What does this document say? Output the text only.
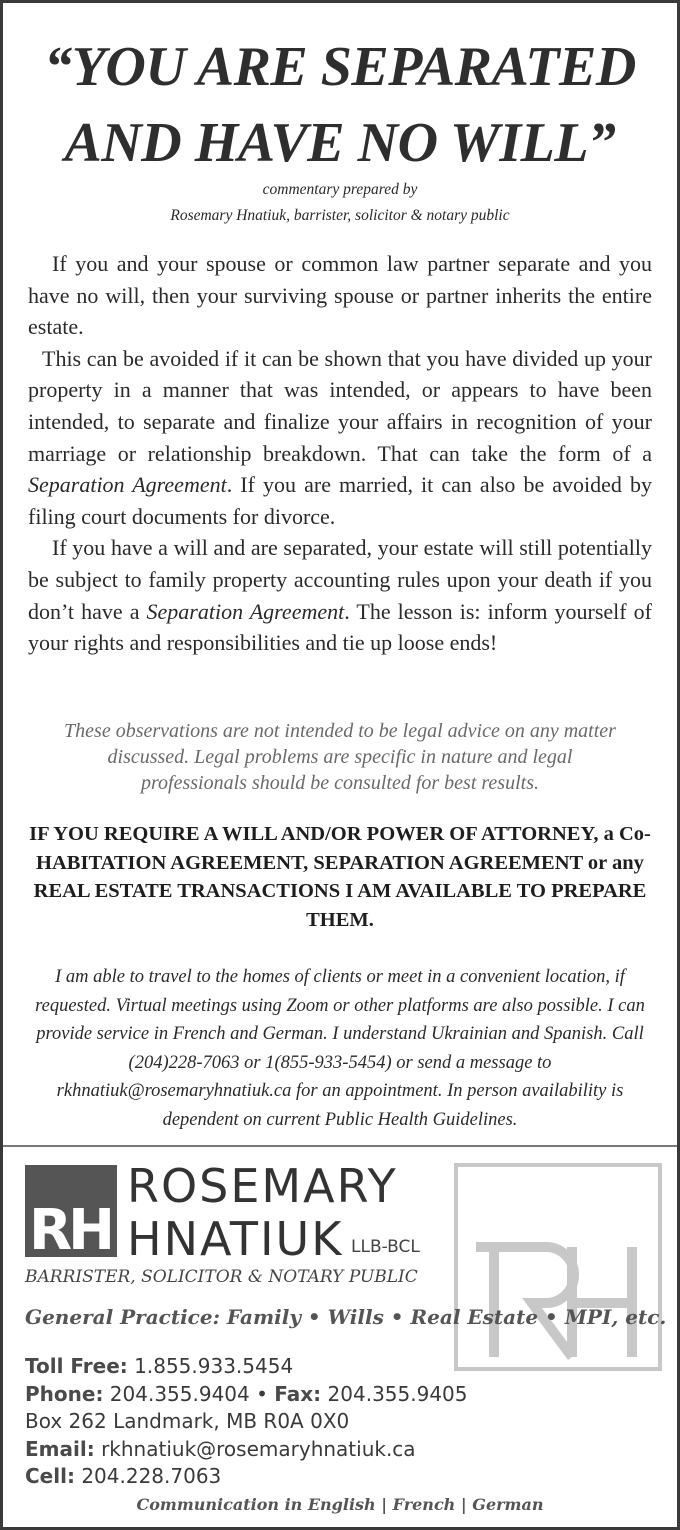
“YOU ARE SEPARATED
AND HAVE NO WILL”
commentary prepared by
Rosemary Hnatiuk, barrister, solicitor & notary public

If you and your spouse or common law partner separate and you have no will, then your surviving spouse or partner inherits the entire estate.

This can be avoided if it can be shown that you have divided up your property in a manner that was intended, or appears to have been intended, to separate and finalize your affairs in recognition of your marriage or relationship breakdown. That can take the form of a Separation Agreement. If you are married, it can also be avoided by filing court documents for divorce.

If you have a will and are separated, your estate will still potentially be subject to family property accounting rules upon your death if you don’t have a Separation Agreement. The lesson is: inform yourself of your rights and responsibilities and tie up loose ends!

These observations are not intended to be legal advice on any matter discussed. Legal problems are specific in nature and legal professionals should be consulted for best results.
IF YOU REQUIRE A WILL AND/OR POWER OF ATTORNEY, a Co-HABITATION AGREEMENT, SEPARATION AGREEMENT or any REAL ESTATE TRANSACTIONS I AM AVAILABLE TO PREPARE THEM.
I am able to travel to the homes of clients or meet in a convenient location, if requested. Virtual meetings using Zoom or other platforms are also possible. I can provide service in French and German. I understand Ukrainian and Spanish. Call (204)228-7063 or 1(855-933-5454) or send a message to rkhnatiuk@rosemaryhnatiuk.ca for an appointment. In person availability is dependent on current Public Health Guidelines.
RH
ROSEMARY
HNATIUK LLB-BCL
BARRISTER, SOLICITOR & NOTARY PUBLIC
General Practice: Family • Wills • Real Estate • MPI, etc.
Toll Free: 1.855.933.5454
Phone: 204.355.9404 • Fax: 204.355.9405
Box 262 Landmark, MB R0A 0X0
Email: rkhnatiuk@rosemaryhnatiuk.ca
Cell: 204.228.7063
Communication in English | French | German
